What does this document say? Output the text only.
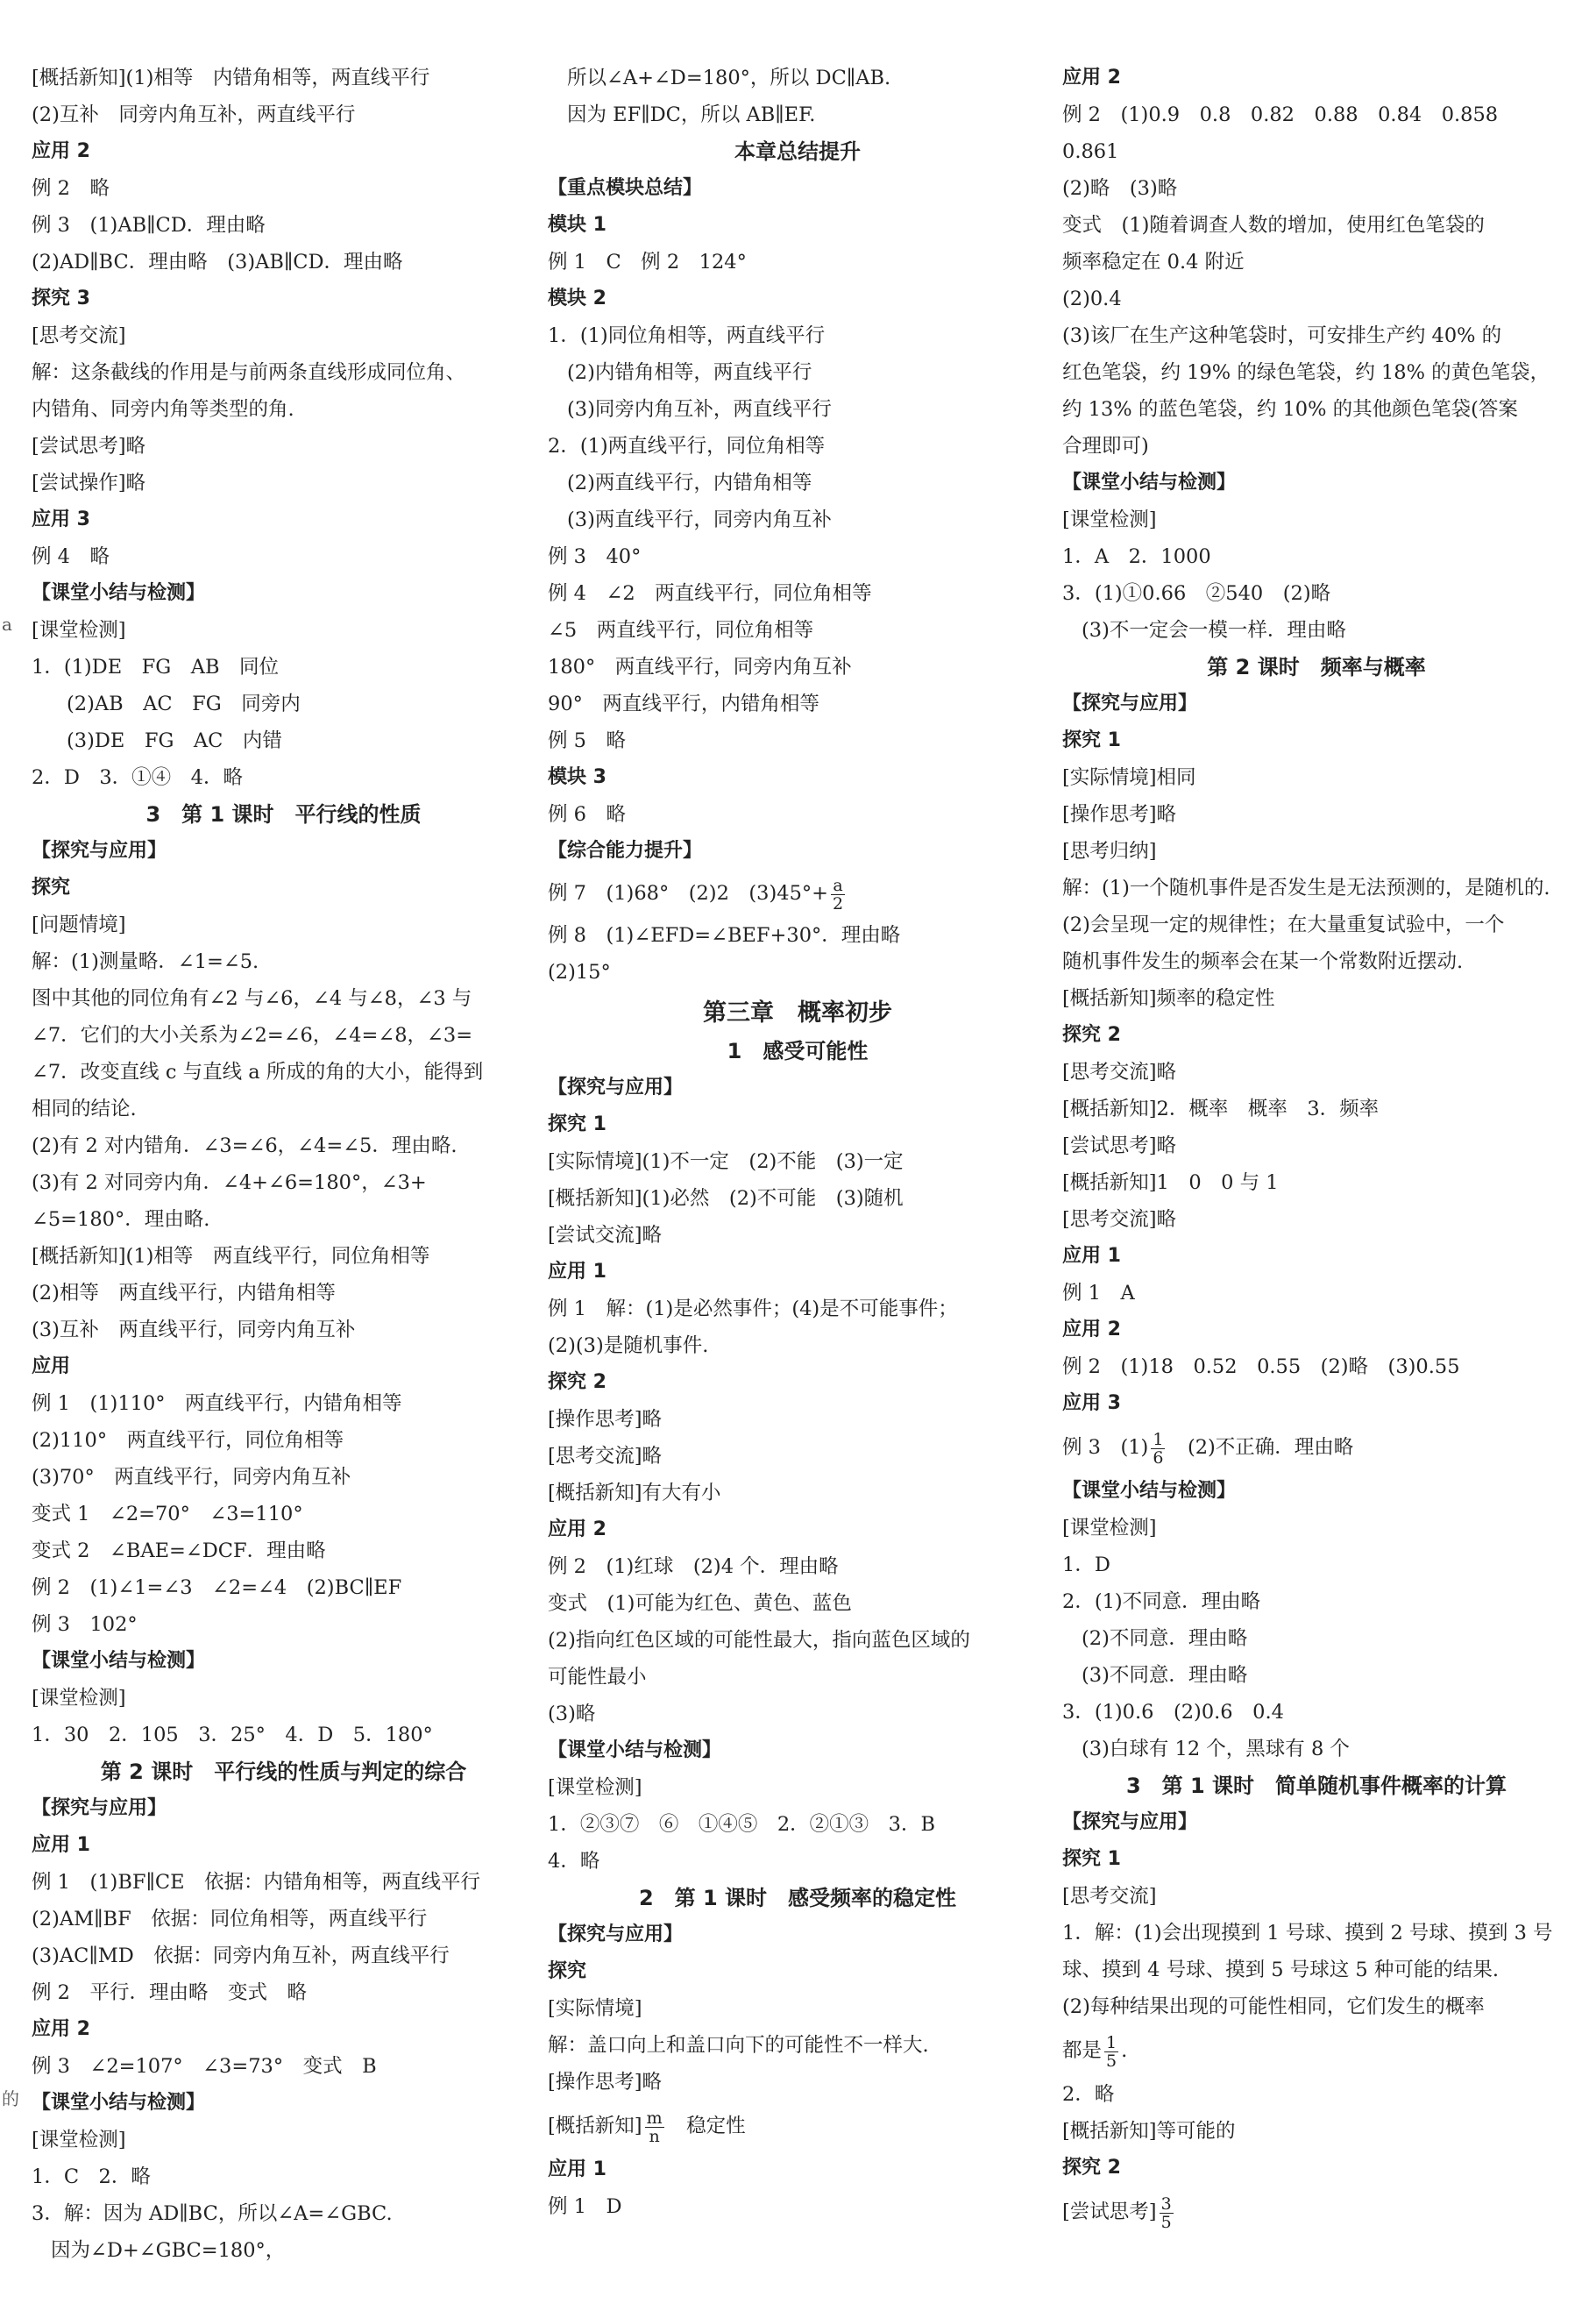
[概括新知](1)相等　内错角相等，两直线平行
(2)互补　同旁内角互补，两直线平行
应用 2
例 2　略
例 3　(1)AB∥CD．理由略
(2)AD∥BC．理由略　(3)AB∥CD．理由略
探究 3
[思考交流]
解：这条截线的作用是与前两条直线形成同位角、
内错角、同旁内角等类型的角.
[尝试思考]略
[尝试操作]略
应用 3
例 4　略
【课堂小结与检测】
[课堂检测]
1．(1)DE　FG　AB　同位
(2)AB　AC　FG　同旁内
(3)DE　FG　AC　内错
2．D　3．①④　4．略
3　第 1 课时　平行线的性质
【探究与应用】
探究
[问题情境]
解：(1)测量略．∠1=∠5.
图中其他的同位角有∠2 与∠6，∠4 与∠8，∠3 与
∠7．它们的大小关系为∠2=∠6，∠4=∠8，∠3=
∠7．改变直线 c 与直线 a 所成的角的大小，能得到
相同的结论.
(2)有 2 对内错角．∠3=∠6，∠4=∠5．理由略.
(3)有 2 对同旁内角．∠4+∠6=180°，∠3+
∠5=180°．理由略.
[概括新知](1)相等　两直线平行，同位角相等
(2)相等　两直线平行，内错角相等
(3)互补　两直线平行，同旁内角互补
应用
例 1　(1)110°　两直线平行，内错角相等
(2)110°　两直线平行，同位角相等
(3)70°　两直线平行，同旁内角互补
变式 1　∠2=70°　∠3=110°
变式 2　∠BAE=∠DCF．理由略
例 2　(1)∠1=∠3　∠2=∠4　(2)BC∥EF
例 3　102°
【课堂小结与检测】
[课堂检测]
1．30　2．105　3．25°　4．D　5．180°
第 2 课时　平行线的性质与判定的综合
【探究与应用】
应用 1
例 1　(1)BF∥CE　依据：内错角相等，两直线平行
(2)AM∥BF　依据：同位角相等，两直线平行
(3)AC∥MD　依据：同旁内角互补，两直线平行
例 2　平行．理由略　变式　略
应用 2
例 3　∠2=107°　∠3=73°　变式　B
【课堂小结与检测】
[课堂检测]
1．C　2．略
3．解：因为 AD∥BC，所以∠A=∠GBC.
因为∠D+∠GBC=180°，
所以∠A+∠D=180°，所以 DC∥AB.
因为 EF∥DC，所以 AB∥EF.
本章总结提升
【重点模块总结】
模块 1
例 1　C　例 2　124°
模块 2
1．(1)同位角相等，两直线平行
(2)内错角相等，两直线平行
(3)同旁内角互补，两直线平行
2．(1)两直线平行，同位角相等
(2)两直线平行，内错角相等
(3)两直线平行，同旁内角互补
例 3　40°
例 4　∠2　两直线平行，同位角相等
∠5　两直线平行，同位角相等
180°　两直线平行，同旁内角互补
90°　两直线平行，内错角相等
例 5　略
模块 3
例 6　略
【综合能力提升】
例 7　(1)68°　(2)2　$(3)45^\circ+ \frac{a}{2}$
例 8　(1)∠EFD=∠BEF+30°．理由略
(2)15°
第三章　概率初步
1　感受可能性
【探究与应用】
探究 1
[实际情境](1)不一定　(2)不能　(3)一定
[概括新知](1)必然　(2)不可能　(3)随机
[尝试交流]略
应用 1
例 1　解：(1)是必然事件；(4)是不可能事件；
(2)(3)是随机事件.
探究 2
[操作思考]略
[思考交流]略
[概括新知]有大有小
应用 2
例 2　(1)红球　(2)4 个．理由略
变式　(1)可能为红色、黄色、蓝色
(2)指向红色区域的可能性最大，指向蓝色区域的
可能性最小
(3)略
【课堂小结与检测】
[课堂检测]
1．②③⑦　⑥　①④⑤　2．②①③　3．B
4．略
2　第 1 课时　感受频率的稳定性
【探究与应用】
探究
[实际情境]
解：盖口向上和盖口向下的可能性不一样大.
[操作思考]略
[概括新知] $\frac{m}{n}$ 　稳定性
应用 1
例 1　D
应用 2
例 2　(1)0.9　0.8　0.82　0.88　0.84　0.858
0.861
(2)略　(3)略
变式　(1)随着调查人数的增加，使用红色笔袋的
频率稳定在 0.4 附近
(2)0.4
(3)该厂在生产这种笔袋时，可安排生产约 40% 的
红色笔袋，约 19% 的绿色笔袋，约 18% 的黄色笔袋，
约 13% 的蓝色笔袋，约 10% 的其他颜色笔袋(答案
合理即可)
【课堂小结与检测】
[课堂检测]
1．A　2．1000
3．(1)①0.66　②540　(2)略
(3)不一定会一模一样．理由略
第 2 课时　频率与概率
【探究与应用】
探究 1
[实际情境]相同
[操作思考]略
[思考归纳]
解：(1)一个随机事件是否发生是无法预测的，是随机的.
(2)会呈现一定的规律性；在大量重复试验中，一个
随机事件发生的频率会在某一个常数附近摆动.
[概括新知]频率的稳定性
探究 2
[思考交流]略
[概括新知]2．概率　概率　3．频率
[尝试思考]略
[概括新知]1　0　0 与 1
[思考交流]略
应用 1
例 1　A
应用 2
例 2　(1)18　0.52　0.55　(2)略　(3)0.55
应用 3
例 3　$(1) \frac{1}{6}$ 　(2)不正确．理由略
【课堂小结与检测】
[课堂检测]
1．D
2．(1)不同意．理由略
(2)不同意．理由略
(3)不同意．理由略
3．(1)0.6　(2)0.6　0.4
(3)白球有 12 个，黑球有 8 个
3　第 1 课时　简单随机事件概率的计算
【探究与应用】
探究 1
[思考交流]
1．解：(1)会出现摸到 1 号球、摸到 2 号球、摸到 3 号
球、摸到 4 号球、摸到 5 号球这 5 种可能的结果.
(2)每种结果出现的可能性相同，它们发生的概率
都是 $\frac{1}{5}$ .
2．略
[概括新知]等可能的
探究 2
[尝试思考] $\frac{3}{5}$
a
的
